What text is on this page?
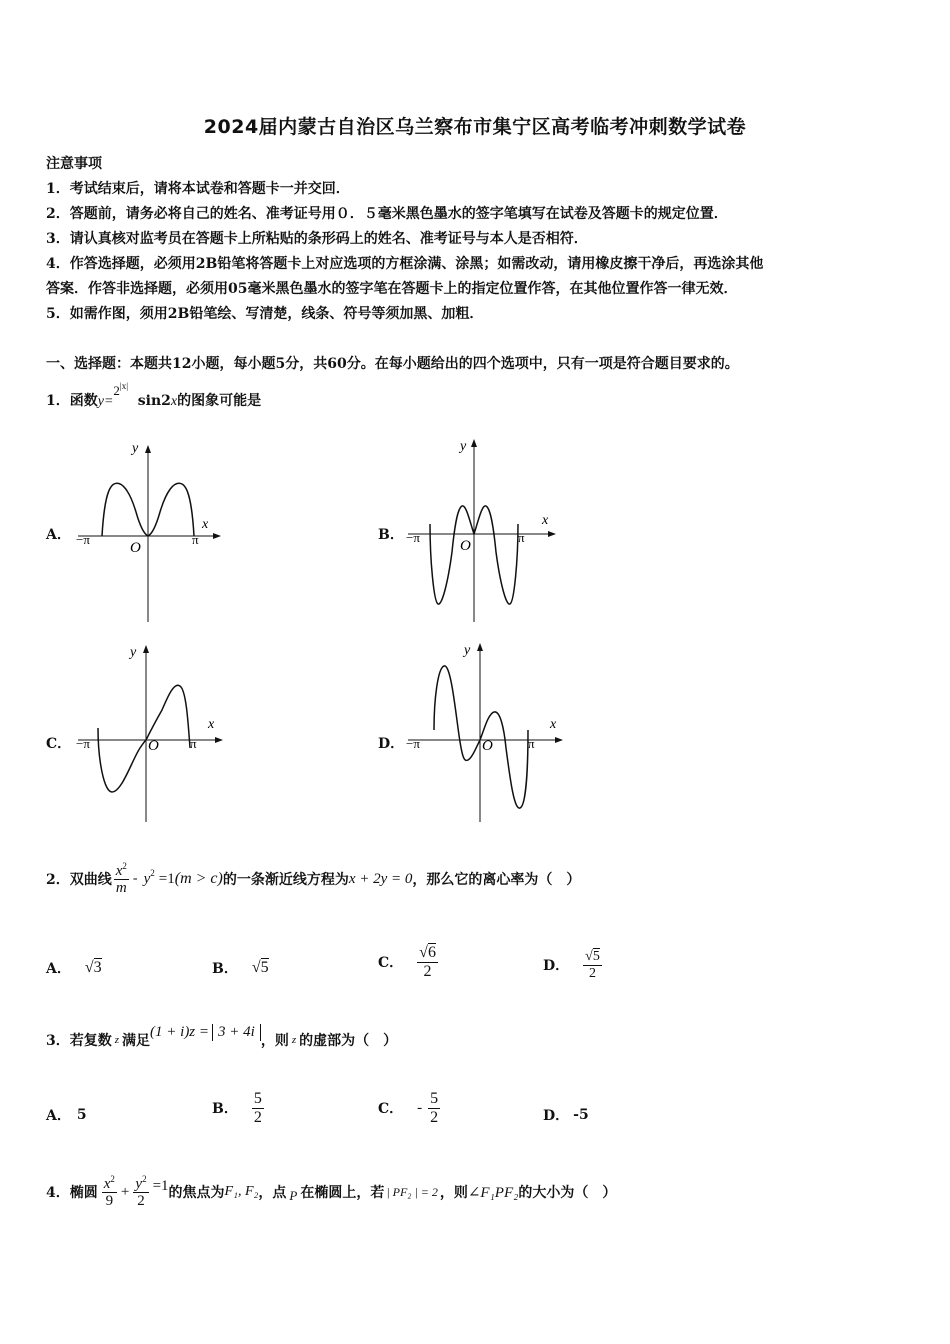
2024届内蒙古自治区乌兰察布市集宁区高考临考冲刺数学试卷
注意事项
1．考试结束后，请将本试卷和答题卡一并交回．
2．答题前，请务必将自己的姓名、准考证号用０．５毫米黑色墨水的签字笔填写在试卷及答题卡的规定位置．
3．请认真核对监考员在答题卡上所粘贴的条形码上的姓名、准考证号与本人是否相符．
4．作答选择题，必须用2B铅笔将答题卡上对应选项的方框涂满、涂黑；如需改动，请用橡皮擦干净后，再选涂其他
答案．作答非选择题，必须用05毫米黑色墨水的签字笔在答题卡上的指定位置作答，在其他位置作答一律无效．
5．如需作图，须用2B铅笔绘、写清楚，线条、符号等须加黑、加粗．
一、选择题：本题共12小题，每小题5分，共60分。在每小题给出的四个选项中，只有一项是符合题目要求的。
1．函数$y=2^{|x|}$  sin2x的图象可能是
A．	B．
C．	D．
y
x
O
−π	π
y
x
O
−π	π
y
x
O
−π	π
y
x
O
−π	π
2．双曲线 $\frac{x^2}{m} - y^2 =1$ (m > c) 的一条渐近线方程为 x + 2y = 0 ，那么它的离心率为（　）
A． √3	B． √5	C． $\frac{√6}{2}$	D． $\frac{√5}{2}$
3．若复数 z 满足
(1 + i)z = 3 + 4i
，则 z 的虚部为（　）
A． 5	B． $\frac{5}{2}$	C． - $\frac{5}{2}$	D． -5
4．椭圆 $\frac{x^2}{9} + \frac{y^2}{2} =1$ 的焦点为 F₁, F₂ ，点 P 在椭圆上，若 | PF₂ | = 2 ，则 ∠F₁PF₂ 的大小为（　）
